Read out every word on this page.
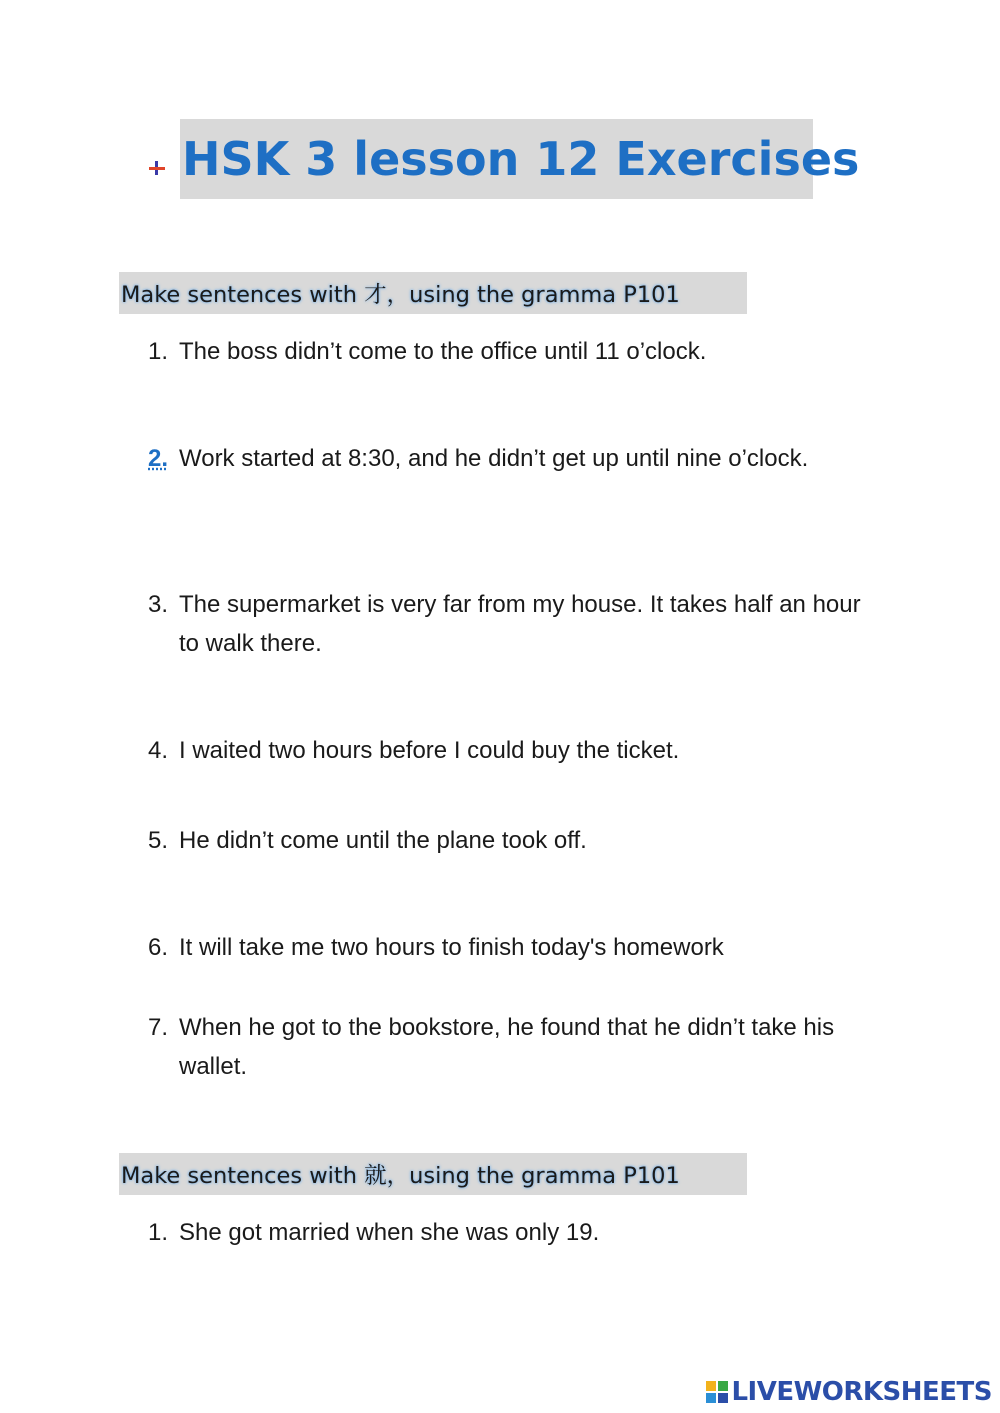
HSK 3 lesson 12 Exercises
Make sentences with 才，using the gramma P101
1. The boss didn’t come to the office until 11 o’clock.
2. Work started at 8:30, and he didn’t get up until nine o’clock.
3. The supermarket is very far from my house. It takes half an hour to walk there.
4. I waited two hours before I could buy the ticket.
5. He didn’t come until the plane took off.
6. It will take me two hours to finish today's homework
7. When he got to the bookstore, he found that he didn’t take his wallet.
Make sentences with 就，using the gramma P101
1. She got married when she was only 19.
LIVEWORKSHEETS
